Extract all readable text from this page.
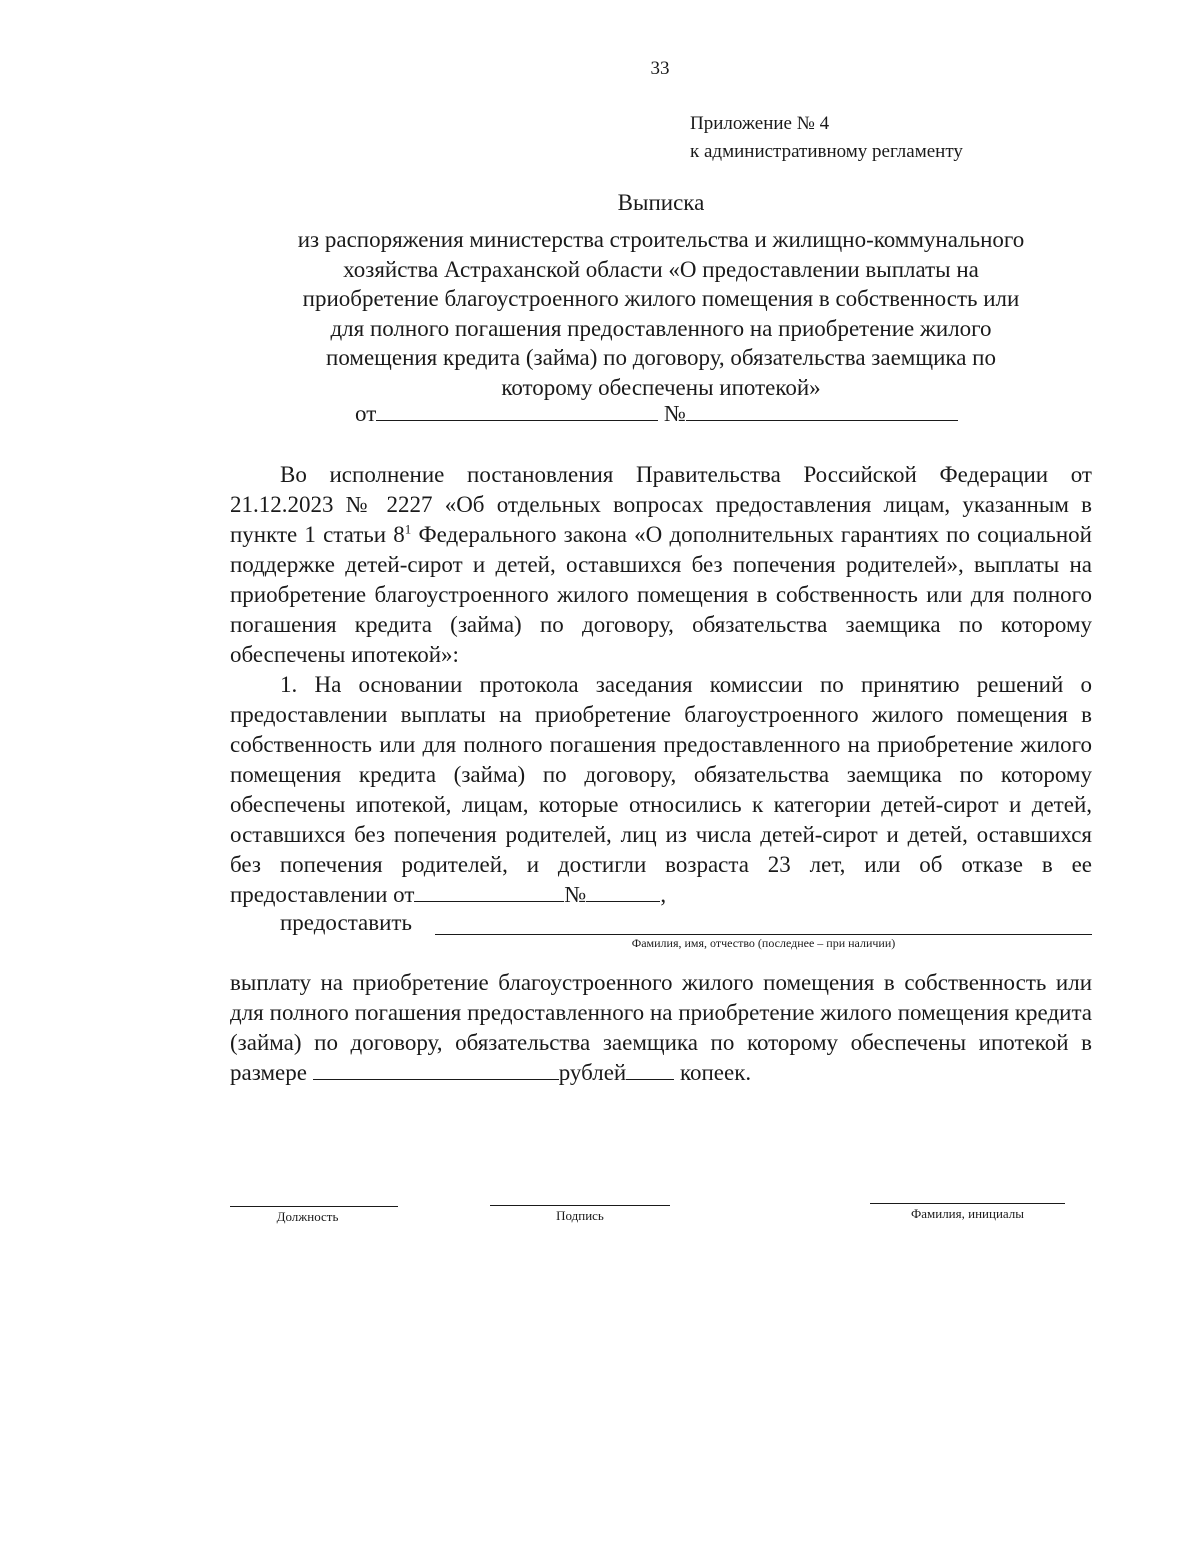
33
Приложение № 4
к административному регламенту
Выписка
из распоряжения министерства строительства и жилищно-коммунального
хозяйства Астраханской области «О предоставлении выплаты на
приобретение благоустроенного жилого помещения в собственность или
для полного погашения предоставленного на приобретение жилого
помещения кредита (займа) по договору, обязательства заемщика по
которому обеспечены ипотекой»
от	№
Во исполнение постановления Правительства Российской Федерации от 21.12.2023 № 2227 «Об отдельных вопросах предоставления лицам, указанным в пункте 1 статьи $8^1$ Федерального закона «О дополнительных гарантиях по социальной поддержке детей-сирот и детей, оставшихся без попечения родителей», выплаты на приобретение благоустроенного жилого помещения в собственность или для полного погашения кредита (займа) по договору, обязательства заемщика по которому обеспечены ипотекой»:
1. На основании протокола заседания комиссии по принятию решений о предоставлении выплаты на приобретение благоустроенного жилого помещения в собственность или для полного погашения предоставленного на приобретение жилого помещения кредита (займа) по договору, обязательства заемщика по которому обеспечены ипотекой, лицам, которые относились к категории детей-сирот и детей, оставшихся без попечения родителей, лиц из числа детей-сирот и детей, оставшихся без попечения родителей, и достигли возраста 23 лет, или об отказе в ее предоставлении от	№	,
предоставить
Фамилия, имя, отчество (последнее – при наличии)
выплату на приобретение благоустроенного жилого помещения в собственность или для полного погашения предоставленного на приобретение жилого помещения кредита (займа) по договору, обязательства заемщика по которому обеспечены ипотекой в размере	рублей копеек.
Должность	Подпись	Фамилия, инициалы
